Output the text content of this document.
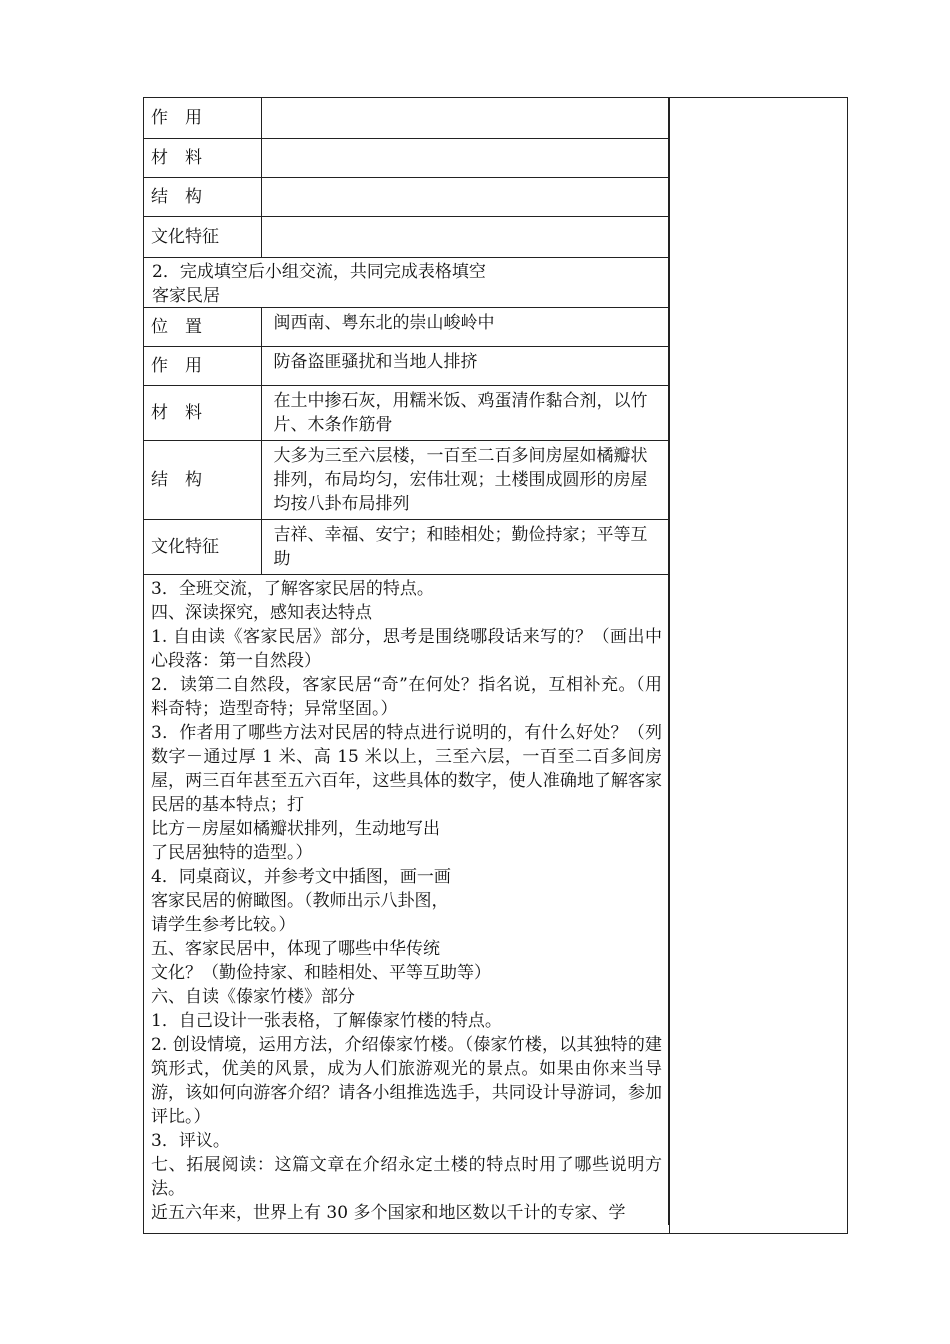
作　用	
材　料	
结　构	
文化特征	
2．完成填空后小组交流，共同完成表格填空
客家民居
位　置	闽西南、粤东北的崇山峻岭中
作　用	防备盗匪骚扰和当地人排挤
材　料	在土中掺石灰，用糯米饭、鸡蛋清作黏合剂，以竹片、木条作筋骨
结　构	大多为三至六层楼，一百至二百多间房屋如橘瓣状排列，布局均匀，宏伟壮观；土楼围成圆形的房屋均按八卦布局排列
文化特征	吉祥、幸福、安宁；和睦相处；勤俭持家；平等互助

3．全班交流，了解客家民居的特点。

四、深读探究，感知表达特点

1. 自由读《客家民居》部分，思考是围绕哪段话来写的？（画出中心段落：第一自然段）

2．读第二自然段，客家民居“奇”在何处？指名说，互相补充。（用料奇特；造型奇特；异常坚固。）

3．作者用了哪些方法对民居的特点进行说明的，有什么好处？（列数字－通过厚 1 米、高 15 米以上，三至六层，一百至二百多间房屋，两三百年甚至五六百年，这些具体的数字，使人准确地了解客家民居的基本特点；打

比方－房屋如橘瓣状排列，生动地写出

了民居独特的造型。）

4．同桌商议，并参考文中插图，画一画

客家民居的俯瞰图。（教师出示八卦图，

请学生参考比较。）

五、客家民居中，体现了哪些中华传统

文化？（勤俭持家、和睦相处、平等互助等）

六、自读《傣家竹楼》部分

1．自己设计一张表格，了解傣家竹楼的特点。

2. 创设情境，运用方法，介绍傣家竹楼。（傣家竹楼，以其独特的建筑形式，优美的风景，成为人们旅游观光的景点。如果由你来当导游，该如何向游客介绍？请各小组推选选手，共同设计导游词，参加评比。）

3．评议。

七、拓展阅读：这篇文章在介绍永定土楼的特点时用了哪些说明方法。

近五六年来，世界上有 30 多个国家和地区数以千计的专家、学
